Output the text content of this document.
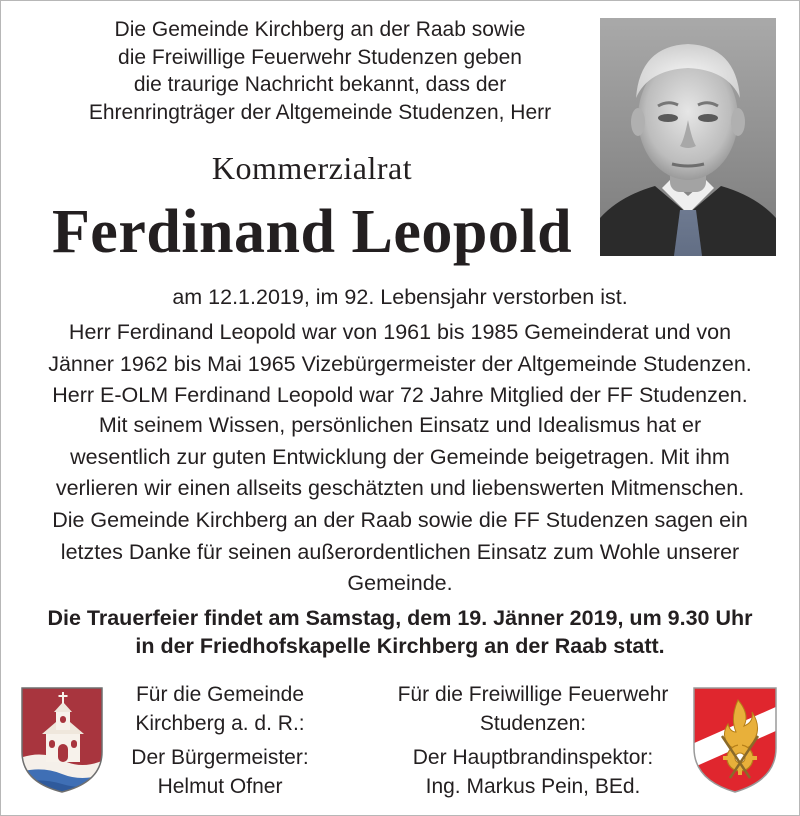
Die Gemeinde Kirchberg an der Raab sowie
die Freiwillige Feuerwehr Studenzen geben
die traurige Nachricht bekannt, dass der
Ehrenringträger der Altgemeinde Studenzen, Herr
Kommerzialrat
Ferdinand Leopold
am 12.1.2019, im 92. Lebensjahr verstorben ist.
Herr Ferdinand Leopold war von 1961 bis 1985 Gemeinderat und von
Jänner 1962 bis Mai 1965 Vizebürgermeister der Altgemeinde Studenzen.
Herr E-OLM Ferdinand Leopold war 72 Jahre Mitglied der FF Studenzen.
Mit seinem Wissen, persönlichen Einsatz und Idealismus hat er
wesentlich zur guten Entwicklung der Gemeinde beigetragen. Mit ihm
verlieren wir einen allseits geschätzten und liebenswerten Mitmenschen.
Die Gemeinde Kirchberg an der Raab sowie die FF Studenzen sagen ein
letztes Danke für seinen außerordentlichen Einsatz zum Wohle unserer
Gemeinde.
Die Trauerfeier findet am Samstag, dem 19. Jänner 2019, um 9.30 Uhr
in der Friedhofskapelle Kirchberg an der Raab statt.
Für die Gemeinde
Kirchberg a. d. R.:
Der Bürgermeister:
Helmut Ofner
Für die Freiwillige Feuerwehr
Studenzen:
Der Hauptbrandinspektor:
Ing. Markus Pein, BEd.
